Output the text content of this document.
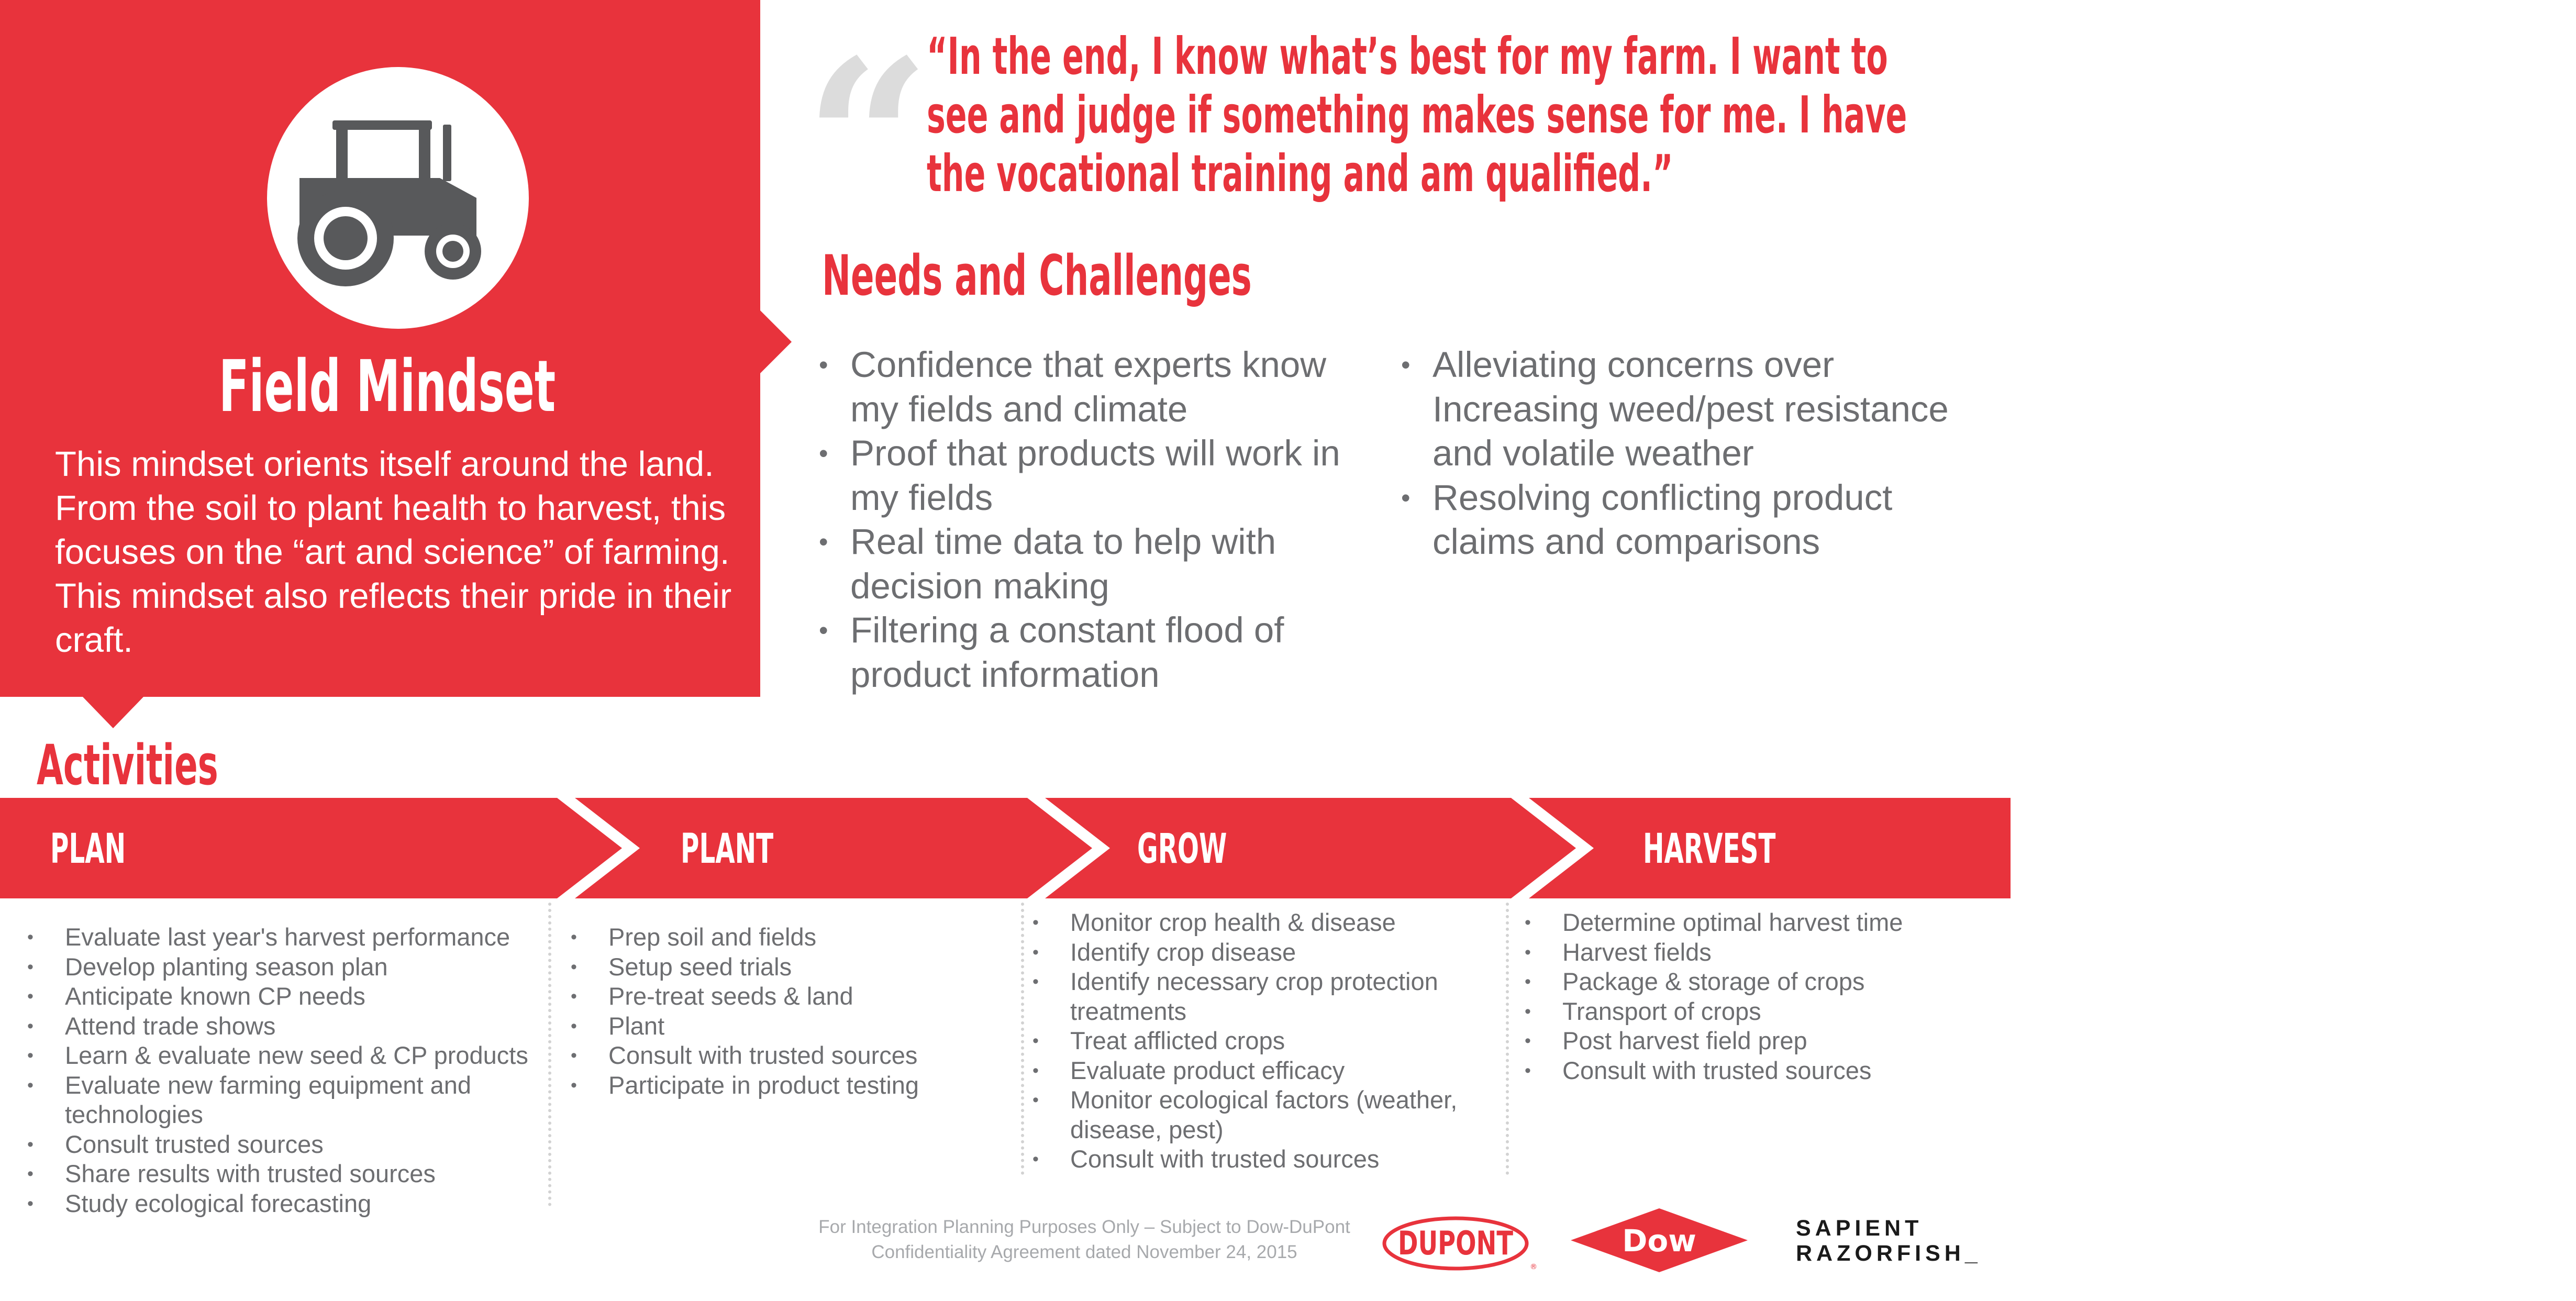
Field Mindset

This mindset orients itself around the land. From the soil to plant health to harvest, this focuses on the “art and science” of farming. This mindset also reflects their pride in their craft.

“
“In the end, I know what’s best for my farm. I want to see and judge if something makes sense for me. I have the vocational training and am qualified.”
Needs and Challenges
• Confidence that experts know my fields and climate
• Proof that products will work in my fields
• Real time data to help with decision making
• Filtering a constant flood of product information
• Alleviating concerns over Increasing weed/pest resistance and volatile weather
• Resolving conflicting product claims and comparisons
Activities
PLAN	PLANT	GROW	HARVEST
• Evaluate last year's harvest performance
• Develop planting season plan
• Anticipate known CP needs
• Attend trade shows
• Learn & evaluate new seed & CP products
• Evaluate new farming equipment and technologies
• Consult trusted sources
• Share results with trusted sources
• Study ecological forecasting
• Prep soil and fields
• Setup seed trials
• Pre-treat seeds & land
• Plant
• Consult with trusted sources
• Participate in product testing
• Monitor crop health & disease
• Identify crop disease
• Identify necessary crop protection treatments
• Treat afflicted crops
• Evaluate product efficacy
• Monitor ecological factors (weather, disease, pest)
• Consult with trusted sources
• Determine optimal harvest time
• Harvest fields
• Package & storage of crops
• Transport of crops
• Post harvest field prep
• Consult with trusted sources
For Integration Planning Purposes Only – Subject to Dow-DuPont
Confidentiality Agreement dated November 24, 2015	DUPONT
®
Dow	SAPIENT
RAZORFISH_
